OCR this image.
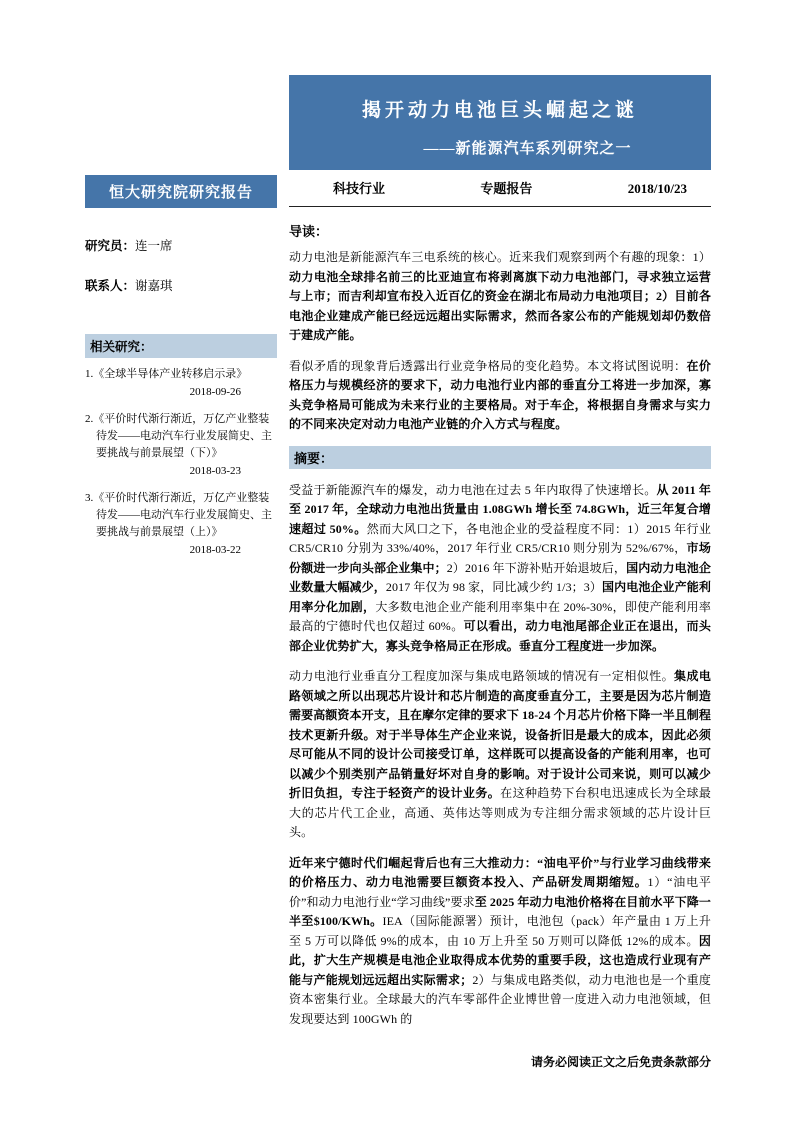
揭开动力电池巨头崛起之谜
——新能源汽车系列研究之一
恒大研究院研究报告
研究员：连一席
联系人：谢嘉琪
相关研究：
1.《全球半导体产业转移启示录》
2018-09-26
2.《平价时代渐行渐近，万亿产业整装待发——电动汽车行业发展简史、主要挑战与前景展望（下）》
2018-03-23
3.《平价时代渐行渐近，万亿产业整装待发——电动汽车行业发展简史、主要挑战与前景展望（上）》
2018-03-22
科技行业	专题报告	2018/10/23
导读：

动力电池是新能源汽车三电系统的核心。近来我们观察到两个有趣的现象：1）动力电池全球排名前三的比亚迪宣布将剥离旗下动力电池部门，寻求独立运营与上市；而吉利却宣布投入近百亿的资金在湖北布局动力电池项目；2）目前各电池企业建成产能已经远远超出实际需求，然而各家公布的产能规划却仍数倍于建成产能。

看似矛盾的现象背后透露出行业竞争格局的变化趋势。本文将试图说明：在价格压力与规模经济的要求下，动力电池行业内部的垂直分工将进一步加深，寡头竞争格局可能成为未来行业的主要格局。对于车企，将根据自身需求与实力的不同来决定对动力电池产业链的介入方式与程度。

摘要：

受益于新能源汽车的爆发，动力电池在过去 5 年内取得了快速增长。从 2011 年至 2017 年，全球动力电池出货量由 1.08GWh 增长至 74.8GWh，近三年复合增速超过 50%。然而大风口之下，各电池企业的受益程度不同：1）2015 年行业 CR5/CR10 分别为 33%/40%，2017 年行业 CR5/CR10 则分别为 52%/67%，市场份额进一步向头部企业集中；2）2016 年下游补贴开始退坡后，国内动力电池企业数量大幅减少，2017 年仅为 98 家，同比减少约 1/3；3）国内电池企业产能利用率分化加剧，大多数电池企业产能利用率集中在 20%-30%，即使产能利用率最高的宁德时代也仅超过 60%。可以看出，动力电池尾部企业正在退出，而头部企业优势扩大，寡头竞争格局正在形成。垂直分工程度进一步加深。

动力电池行业垂直分工程度加深与集成电路领域的情况有一定相似性。集成电路领域之所以出现芯片设计和芯片制造的高度垂直分工，主要是因为芯片制造需要高额资本开支，且在摩尔定律的要求下 18-24 个月芯片价格下降一半且制程技术更新升级。对于半导体生产企业来说，设备折旧是最大的成本，因此必须尽可能从不同的设计公司接受订单，这样既可以提高设备的产能利用率，也可以减少个别类别产品销量好坏对自身的影响。对于设计公司来说，则可以减少折旧负担，专注于轻资产的设计业务。在这种趋势下台积电迅速成长为全球最大的芯片代工企业，高通、英伟达等则成为专注细分需求领域的芯片设计巨头。

近年来宁德时代们崛起背后也有三大推动力：“油电平价”与行业学习曲线带来的价格压力、动力电池需要巨额资本投入、产品研发周期缩短。1）“油电平价”和动力电池行业“学习曲线”要求至 2025 年动力电池价格将在目前水平下降一半至$100/KWh。IEA（国际能源署）预计，电池包（pack）年产量由 1 万上升至 5 万可以降低 9%的成本，由 10 万上升至 50 万则可以降低 12%的成本。因此，扩大生产规模是电池企业取得成本优势的重要手段，这也造成行业现有产能与产能规划远远超出实际需求；2）与集成电路类似，动力电池也是一个重度资本密集行业。全球最大的汽车零部件企业博世曾一度进入动力电池领域，但发现要达到 100GWh 的

请务必阅读正文之后免责条款部分
